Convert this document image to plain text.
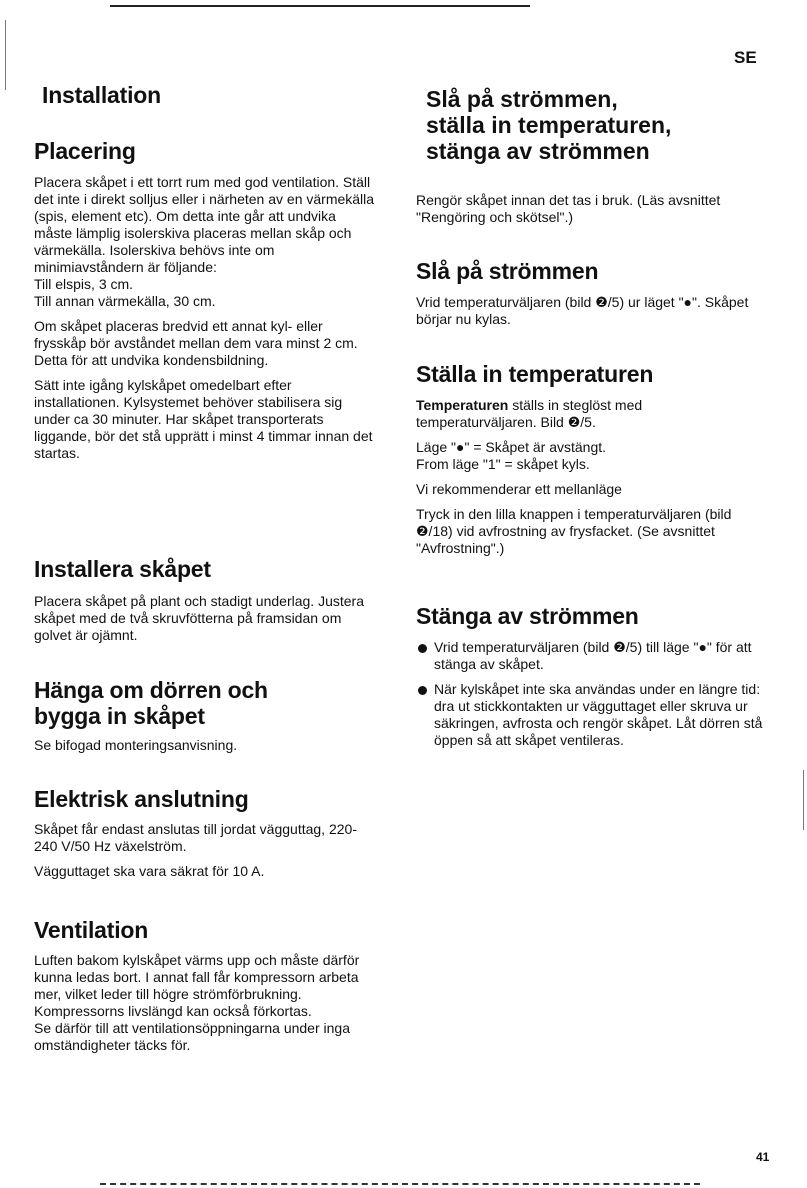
SE
Installation
Placering

Placera skåpet i ett torrt rum med god ventilation. Ställ det inte i direkt solljus eller i närheten av en värmekälla (spis, element etc). Om detta inte går att undvika måste lämplig isolerskiva placeras mellan skåp och värmekälla. Isolerskiva behövs inte om minimiavståndern är följande:

Till elspis, 3 cm.

Till annan värmekälla, 30 cm.

Om skåpet placeras bredvid ett annat kyl- eller frysskåp bör avståndet mellan dem vara minst 2 cm. Detta för att undvika kondensbildning.

Sätt inte igång kylskåpet omedelbart efter installationen. Kylsystemet behöver stabilisera sig under ca 30 minuter. Har skåpet transporterats liggande, bör det stå upprätt i minst 4 timmar innan det startas.

Installera skåpet

Placera skåpet på plant och stadigt underlag. Justera skåpet med de två skruvfötterna på framsidan om golvet är ojämnt.

Hänga om dörren och
bygga in skåpet

Se bifogad monteringsanvisning.

Elektrisk anslutning

Skåpet får endast anslutas till jordat vägguttag, 220-240 V/50 Hz växelström.

Vägguttaget ska vara säkrat för 10 A.

Ventilation

Luften bakom kylskåpet värms upp och måste därför kunna ledas bort. I annat fall får kompressorn arbeta mer, vilket leder till högre strömförbrukning. Kompressorns livslängd kan också förkortas.

Se därför till att ventilationsöppningarna under inga omständigheter täcks för.

Slå på strömmen,
ställa in temperaturen,
stänga av strömmen

Rengör skåpet innan det tas i bruk. (Läs avsnittet "Rengöring och skötsel".)

Slå på strömmen

Vrid temperaturväljaren (bild ❷/5) ur läget "●". Skåpet börjar nu kylas.

Ställa in temperaturen

Temperaturen ställs in steglöst med temperaturväljaren. Bild ❷/5.

Läge "●" = Skåpet är avstängt.

From läge "1" = skåpet kyls.

Vi rekommenderar ett mellanläge

Tryck in den lilla knappen i temperaturväljaren (bild ❷/18) vid avfrostning av frysfacket. (Se avsnittet "Avfrostning".)

Stänga av strömmen
Vrid temperaturväljaren (bild ❷/5) till läge "●" för att stänga av skåpet.
När kylskåpet inte ska användas under en längre tid: dra ut stickkontakten ur vägguttaget eller skruva ur säkringen, avfrosta och rengör skåpet. Låt dörren stå öppen så att skåpet ventileras.
41
